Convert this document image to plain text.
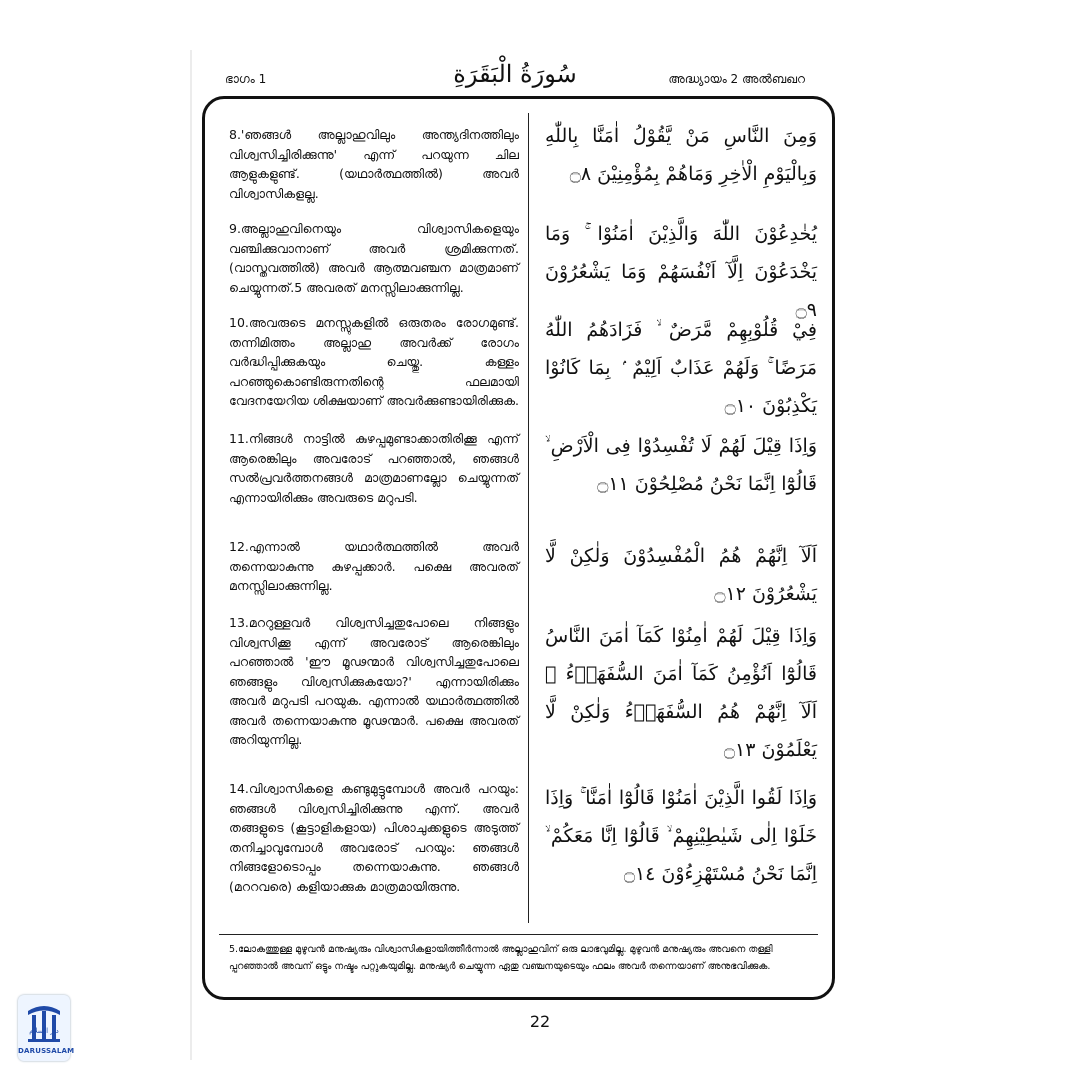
ഭാഗം 1	سُورَةُ الْبَقَرَةِ	അദ്ധ്യായം 2 അൽബഖറ

8.'ഞങ്ങൾ അല്ലാഹുവിലും അന്ത്യദിനത്തിലും വിശ്വസിച്ചിരിക്കുന്നു' എന്ന് പറയുന്ന ചില ആളുകളുണ്ട്. (യഥാർത്ഥത്തിൽ) അവർ വിശ്വാസികളല്ല.

وَمِنَ النَّاسِ مَنْ يَّقُوْلُ اٰمَنَّا بِاللّٰهِ وَبِالْيَوْمِ الْاٰخِرِ وَمَاهُمْ بِمُؤْمِنِيْنَ ۝٨

9.അല്ലാഹുവിനെയും വിശ്വാസികളെയും വഞ്ചിക്കുവാനാണ് അവർ ശ്രമിക്കുന്നത്. (വാസ്തവത്തിൽ) അവർ ആത്മവഞ്ചന മാത്രമാണ് ചെയ്യുന്നത്.5 അവരത് മനസ്സിലാക്കുന്നില്ല.

يُخٰدِعُوْنَ اللّٰهَ وَالَّذِيْنَ اٰمَنُوْا ۚ وَمَا يَخْدَعُوْنَ اِلَّآ اَنْفُسَهُمْ وَمَا يَشْعُرُوْنَ ۝٩

10.അവരുടെ മനസ്സുകളിൽ ഒരുതരം രോഗമുണ്ട്. തന്നിമിത്തം അല്ലാഹു അവർക്ക് രോഗം വർദ്ധിപ്പിക്കുകയും ചെയ്തു. കള്ളം പറഞ്ഞുകൊണ്ടിരുന്നതിന്റെ ഫലമായി വേദനയേറിയ ശിക്ഷയാണ് അവർക്കുണ്ടായിരിക്കുക.

فِيْ قُلُوْبِهِمْ مَّرَضٌ ۙ فَزَادَهُمُ اللّٰهُ مَرَضًا ۚ وَلَهُمْ عَذَابٌ اَلِيْمٌ ۢ بِمَا كَانُوْا يَكْذِبُوْنَ ۝١٠

11.നിങ്ങൾ നാട്ടിൽ കുഴപ്പമുണ്ടാക്കാതിരിക്കൂ എന്ന് ആരെങ്കിലും അവരോട് പറഞ്ഞാൽ, ഞങ്ങൾ സൽപ്രവർത്തനങ്ങൾ മാത്രമാണല്ലോ ചെയ്യുന്നത് എന്നായിരിക്കും അവരുടെ മറുപടി.

وَاِذَا قِيْلَ لَهُمْ لَا تُفْسِدُوْا فِى الْاَرْضِ ۙ قَالُوْٓا اِنَّمَا نَحْنُ مُصْلِحُوْنَ ۝١١

12.എന്നാൽ യഥാർത്ഥത്തിൽ അവർ തന്നെയാകുന്നു കുഴപ്പക്കാർ. പക്ഷെ അവരത് മനസ്സിലാക്കുന്നില്ല.

اَلَآ اِنَّهُمْ هُمُ الْمُفْسِدُوْنَ وَلٰكِنْ لَّا يَشْعُرُوْنَ ۝١٢

13.മററുള്ളവർ വിശ്വസിച്ചതുപോലെ നിങ്ങളും വിശ്വസിക്കൂ എന്ന് അവരോട് ആരെങ്കിലും പറഞ്ഞാൽ 'ഈ മൂഢന്മാർ വിശ്വസിച്ചതുപോലെ ഞങ്ങളും വിശ്വസിക്കുകയോ?' എന്നായിരിക്കും അവർ മറുപടി പറയുക. എന്നാൽ യഥാർത്ഥത്തിൽ അവർ തന്നെയാകുന്നു മൂഢന്മാർ. പക്ഷെ അവരത് അറിയുന്നില്ല.

وَاِذَا قِيْلَ لَهُمْ اٰمِنُوْا كَمَآ اٰمَنَ النَّاسُ قَالُوْٓا اَنُؤْمِنُ كَمَآ اٰمَنَ السُّفَهَاۤءُ ۗ اَلَآ اِنَّهُمْ هُمُ السُّفَهَاۤءُ وَلٰكِنْ لَّا يَعْلَمُوْنَ ۝١٣

14.വിശ്വാസികളെ കണ്ടുമുട്ടുമ്പോൾ അവർ പറയും: ഞങ്ങൾ വിശ്വസിച്ചിരിക്കുന്നു എന്ന്. അവർ തങ്ങളുടെ (കൂട്ടാളികളായ) പിശാചുക്കളുടെ അടുത്ത് തനിച്ചാവുമ്പോൾ അവരോട് പറയും: ഞങ്ങൾ നിങ്ങളോടൊപ്പം തന്നെയാകുന്നു. ഞങ്ങൾ (മററവരെ) കളിയാക്കുക മാത്രമായിരുന്നു.

وَاِذَا لَقُوا الَّذِيْنَ اٰمَنُوْا قَالُوْٓا اٰمَنَّا ۚ وَاِذَا خَلَوْا اِلٰى شَيٰطِيْنِهِمْ ۙ قَالُوْٓا اِنَّا مَعَكُمْ ۙ اِنَّمَا نَحْنُ مُسْتَهْزِءُوْنَ ۝١٤

5.ലോകത്തുള്ള മുഴുവൻ മനുഷ്യരും വിശ്വാസികളായിത്തീർന്നാൽ അല്ലാഹുവിന് ഒരു ലാഭവുമില്ല. മുഴുവൻ മനുഷ്യരും അവനെ തള്ളി പ്പറഞ്ഞാൽ അവന് ഒട്ടും നഷ്ടം പറ്റുകയുമില്ല. മനുഷ്യർ ചെയ്യുന്ന ഏതു വഞ്ചനയുടെയും ഫലം അവർ തന്നെയാണ് അനുഭവിക്കുക.

22
دار السلام
DARUSSALAM
